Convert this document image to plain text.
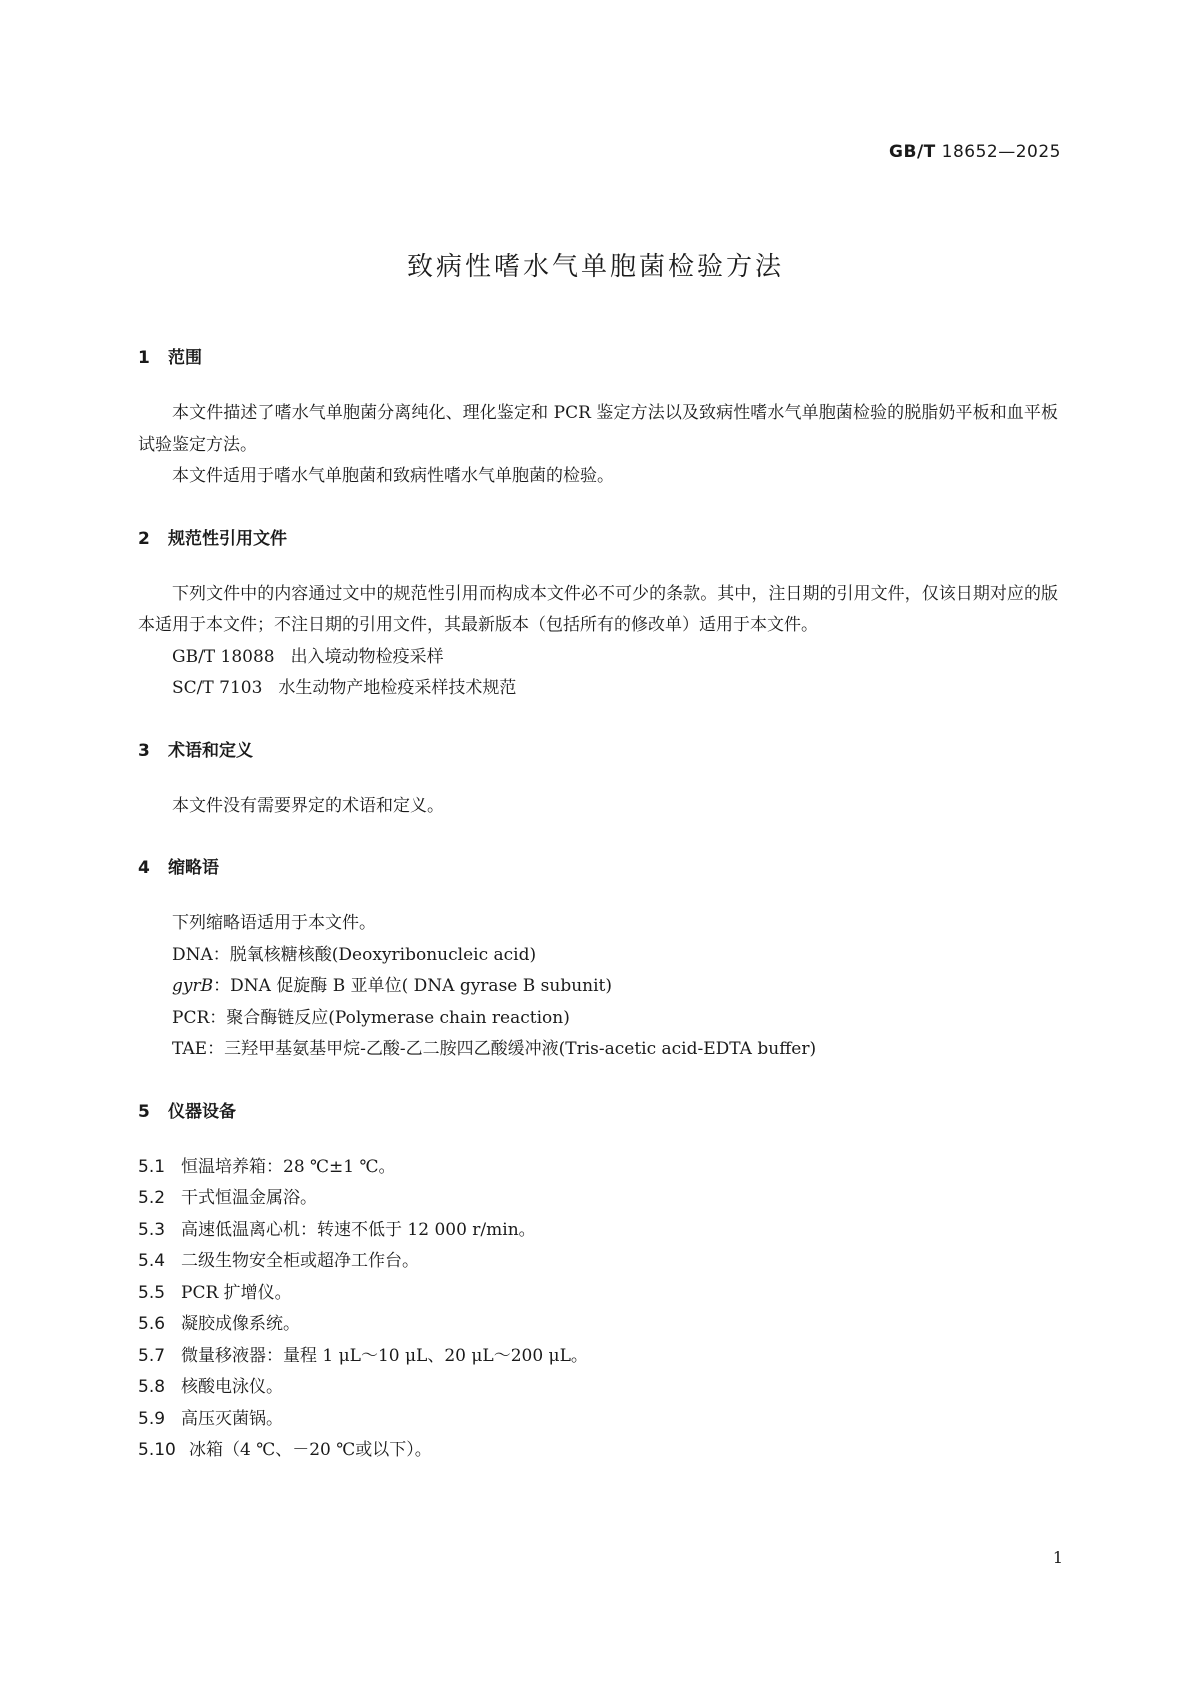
GB/T 18652—2025
致病性嗜水气单胞菌检验方法
1 范围
本文件描述了嗜水气单胞菌分离纯化、理化鉴定和 PCR 鉴定方法以及致病性嗜水气单胞菌检验的脱脂奶平板和血平板试验鉴定方法。
本文件适用于嗜水气单胞菌和致病性嗜水气单胞菌的检验。
2 规范性引用文件
下列文件中的内容通过文中的规范性引用而构成本文件必不可少的条款。其中，注日期的引用文件，仅该日期对应的版本适用于本文件；不注日期的引用文件，其最新版本（包括所有的修改单）适用于本文件。
GB/T 18088 出入境动物检疫采样
SC/T 7103 水生动物产地检疫采样技术规范
3 术语和定义
本文件没有需要界定的术语和定义。
4 缩略语
下列缩略语适用于本文件。
DNA：脱氧核糖核酸(Deoxyribonucleic acid)
gyrB：DNA 促旋酶 B 亚单位( DNA gyrase B subunit)
PCR：聚合酶链反应(Polymerase chain reaction)
TAE：三羟甲基氨基甲烷-乙酸-乙二胺四乙酸缓冲液(Tris-acetic acid-EDTA buffer)
5 仪器设备
5.1 恒温培养箱：28 ℃±1 ℃。
5.2 干式恒温金属浴。
5.3 高速低温离心机：转速不低于 12 000 r/min。
5.4 二级生物安全柜或超净工作台。
5.5 PCR 扩增仪。
5.6 凝胶成像系统。
5.7 微量移液器：量程 1 μL～10 μL、20 μL～200 μL。
5.8 核酸电泳仪。
5.9 高压灭菌锅。
5.10 冰箱（4 ℃、－20 ℃或以下）。
1
